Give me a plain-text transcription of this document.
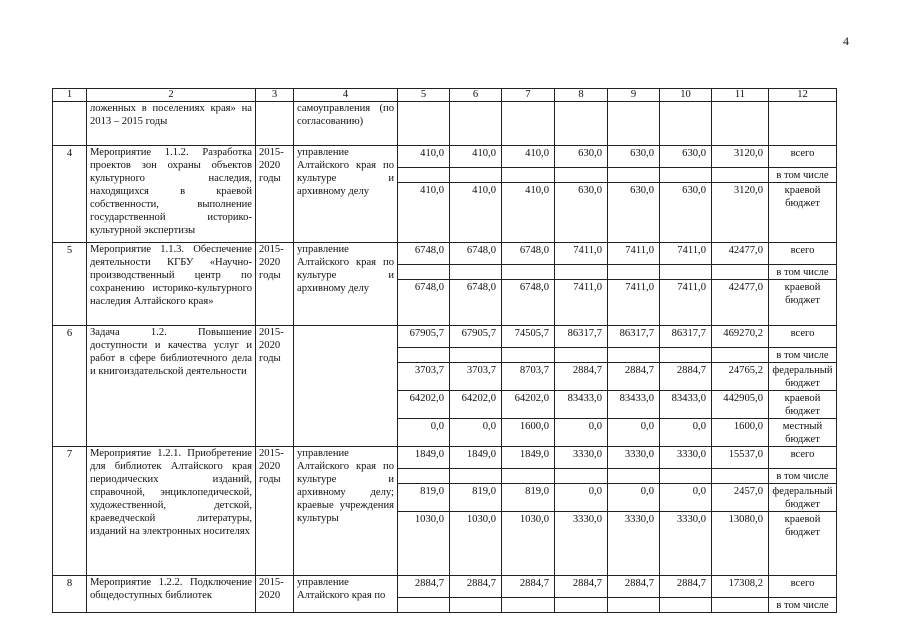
4
1	2	3	4	5	6	7	8	9	10	11	12
	ложенных в поселениях края» на 2013 – 2015 годы		самоуправления (по согласованию)								
4	Мероприятие 1.1.2. Разработка проектов зон охраны объектов культурного наследия, находящихся в краевой собственности, выполнение государственной историко-культурной экспертизы	2015-2020 годы	управление Алтайского края по культуре и архивному делу	410,0	410,0	410,0	630,0	630,0	630,0	3120,0	всего
											в том числе
				410,0	410,0	410,0	630,0	630,0	630,0	3120,0	краевой бюджет
5	Мероприятие 1.1.3. Обеспечение деятельности КГБУ «Научно-производственный центр по сохранению историко-культурного наследия Алтайского края»	2015-2020 годы	управление Алтайского края по культуре и архивному делу	6748,0	6748,0	6748,0	7411,0	7411,0	7411,0	42477,0	всего
											в том числе
				6748,0	6748,0	6748,0	7411,0	7411,0	7411,0	42477,0	краевой бюджет
6	Задача 1.2. Повышение доступности и качества услуг и работ в сфере библиотечного дела и книгоиздательской деятельности	2015-2020 годы		67905,7	67905,7	74505,7	86317,7	86317,7	86317,7	469270,2	всего
											в том числе
				3703,7	3703,7	8703,7	2884,7	2884,7	2884,7	24765,2	федеральный бюджет
				64202,0	64202,0	64202,0	83433,0	83433,0	83433,0	442905,0	краевой бюджет
				0,0	0,0	1600,0	0,0	0,0	0,0	1600,0	местный бюджет
7	Мероприятие 1.2.1. Приобретение для библиотек Алтайского края периодических изданий, справочной, энциклопедической, художественной, детской, краеведческой литературы, изданий на электронных носителях	2015-2020 годы	управление Алтайского края по культуре и архивному делу; краевые учреждения культуры	1849,0	1849,0	1849,0	3330,0	3330,0	3330,0	15537,0	всего
											в том числе
				819,0	819,0	819,0	0,0	0,0	0,0	2457,0	федеральный бюджет
				1030,0	1030,0	1030,0	3330,0	3330,0	3330,0	13080,0	краевой бюджет
8	Мероприятие 1.2.2. Подключение общедоступных библиотек	2015-2020	управление Алтайского края по	2884,7	2884,7	2884,7	2884,7	2884,7	2884,7	17308,2	всего
											в том числе
